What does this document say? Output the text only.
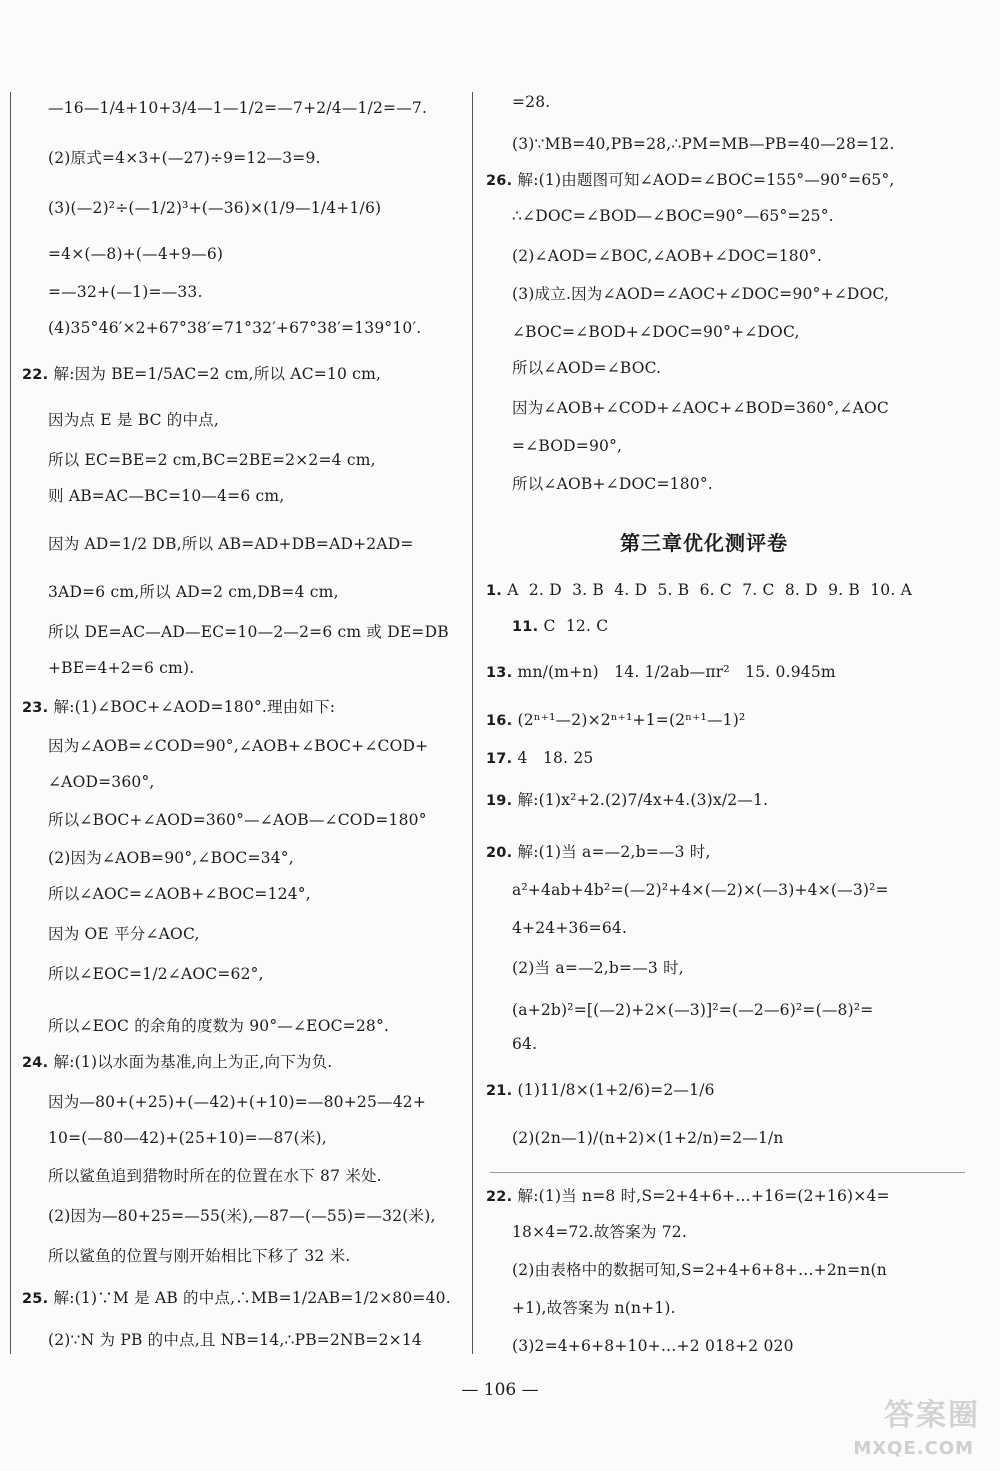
—16—1/4+10+3/4—1—1/2=—7+2/4—1/2=—7.
(2)原式=4×3+(—27)÷9=12—3=9.
(3)(—2)²÷(—1/2)³+(—36)×(1/9—1/4+1/6)
=4×(—8)+(—4+9—6)
=—32+(—1)=—33.
(4)35°46′×2+67°38′=71°32′+67°38′=139°10′.
22. 解:因为 BE=1/5AC=2 cm,所以 AC=10 cm,
因为点 E 是 BC 的中点,
所以 EC=BE=2 cm,BC=2BE=2×2=4 cm,
则 AB=AC—BC=10—4=6 cm,
因为 AD=1/2 DB,所以 AB=AD+DB=AD+2AD=
3AD=6 cm,所以 AD=2 cm,DB=4 cm,
所以 DE=AC—AD—EC=10—2—2=6 cm 或 DE=DB
+BE=4+2=6 cm).
23. 解:(1)∠BOC+∠AOD=180°.理由如下:
因为∠AOB=∠COD=90°,∠AOB+∠BOC+∠COD+
∠AOD=360°,
所以∠BOC+∠AOD=360°—∠AOB—∠COD=180°
(2)因为∠AOB=90°,∠BOC=34°,
所以∠AOC=∠AOB+∠BOC=124°,
因为 OE 平分∠AOC,
所以∠EOC=1/2∠AOC=62°,
所以∠EOC 的余角的度数为 90°—∠EOC=28°.
24. 解:(1)以水面为基准,向上为正,向下为负.
因为—80+(+25)+(—42)+(+10)=—80+25—42+
10=(—80—42)+(25+10)=—87(米),
所以鲨鱼追到猎物时所在的位置在水下 87 米处.
(2)因为—80+25=—55(米),—87—(—55)=—32(米),
所以鲨鱼的位置与刚开始相比下移了 32 米.
25. 解:(1)∵M 是 AB 的中点,∴MB=1/2AB=1/2×80=40.
(2)∵N 为 PB 的中点,且 NB=14,∴PB=2NB=2×14
第三章优化测评卷
=28.
(3)∵MB=40,PB=28,∴PM=MB—PB=40—28=12.
26. 解:(1)由题图可知∠AOD=∠BOC=155°—90°=65°,
∴∠DOC=∠BOD—∠BOC=90°—65°=25°.
(2)∠AOD=∠BOC,∠AOB+∠DOC=180°.
(3)成立.因为∠AOD=∠AOC+∠DOC=90°+∠DOC,
∠BOC=∠BOD+∠DOC=90°+∠DOC,
所以∠AOD=∠BOC.
因为∠AOB+∠COD+∠AOC+∠BOD=360°,∠AOC
=∠BOD=90°,
所以∠AOB+∠DOC=180°.
1. A  2. D  3. B  4. D  5. B  6. C  7. C  8. D  9. B  10. A
11. C  12. C
13. mn/(m+n)   14. 1/2ab—πr²   15. 0.945m
16. (2ⁿ⁺¹—2)×2ⁿ⁺¹+1=(2ⁿ⁺¹—1)²
17. 4   18. 25
19. 解:(1)x²+2.(2)7/4x+4.(3)x/2—1.
20. 解:(1)当 a=—2,b=—3 时,
a²+4ab+4b²=(—2)²+4×(—2)×(—3)+4×(—3)²=
4+24+36=64.
(2)当 a=—2,b=—3 时,
(a+2b)²=[(—2)+2×(—3)]²=(—2—6)²=(—8)²=
64.
21. (1)11/8×(1+2/6)=2—1/6
(2)(2n—1)/(n+2)×(1+2/n)=2—1/n
22. 解:(1)当 n=8 时,S=2+4+6+…+16=(2+16)×4=
18×4=72.故答案为 72.
(2)由表格中的数据可知,S=2+4+6+8+…+2n=n(n
+1),故答案为 n(n+1).
(3)2=4+6+8+10+…+2 018+2 020
— 106 —
答案圈
MXQE.COM
